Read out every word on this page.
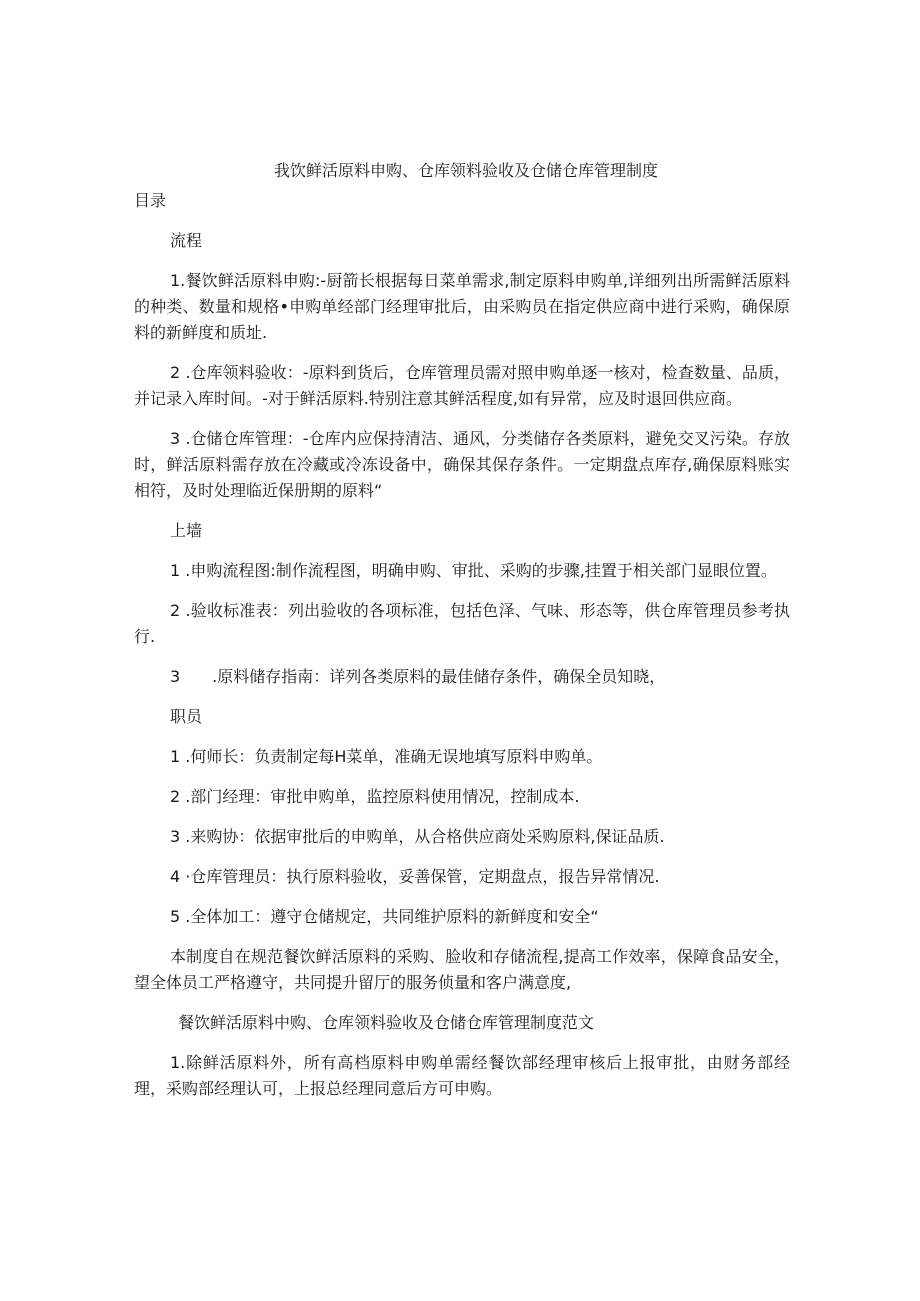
我饮鲜活原料申购、仓库领料验收及仓储仓库管理制度
目录
流程
1.餐饮鲜活原料申购:-厨箭长根据每日菜单需求,制定原料申购单,详细列出所需鲜活原料的种类、数量和规格•申购单经部门经理审批后，由采购员在指定供应商中进行采购，确保原料的新鲜度和质址.
2 .仓库领料验收：-原料到货后，仓库管理员需对照申购单逐一核对，检查数量、品质，并记录入库时间。-对于鲜活原料.特别注意其鲜活程度,如有异常，应及时退回供应商。
3 .仓储仓库管理：-仓库内应保持清洁、通风，分类储存各类原料，避免交叉污染。存放时，鲜活原料需存放在冷藏或冷冻设备中，确保其保存条件。一定期盘点库存,确保原料账实相符，及时处理临近保册期的原料“
上墙
1 .申购流程图:制作流程图，明确申购、审批、采购的步骤,挂置于相关部门显眼位置。
2 .验收标准表：列出验收的各项标准，包括色泽、气味、形态等，供仓库管理员参考执行.
3　　.原料储存指南：详列各类原料的最佳储存条件，确保全员知晓，
职员
1 .何师长：负责制定每H菜单，准确无误地填写原料申购单。
2 .部门经理：审批申购单，监控原料使用情况，控制成本.
3 .来购协：依据审批后的申购单，从合格供应商处采购原料,保证品质.
4 ·仓库管理员：执行原料验收，妥善保管，定期盘点，报告异常情况.
5 .全体加工：遵守仓储规定，共同维护原料的新鲜度和安全“
本制度自在规范餐饮鲜活原料的采购、脸收和存储流程,提高工作效率，保障食品安全，望全体员工严格遵守，共同提升留厅的服务侦量和客户满意度,
餐饮鲜活原料中购、仓库领料验收及仓储仓库管理制度范文
1.除鲜活原料外，所有高档原料申购单需经餐饮部经理审核后上报审批，由财务部经理，采购部经理认可，上报总经理同意后方可申购。
